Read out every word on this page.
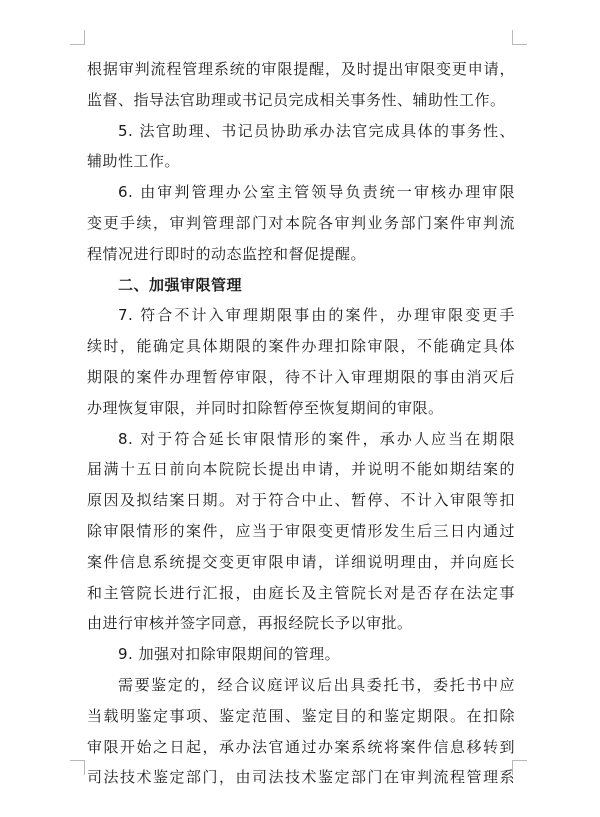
根据审判流程管理系统的审限提醒，及时提出审限变更申请，
监督、指导法官助理或书记员完成相关事务性、辅助性工作。
5. 法官助理、书记员协助承办法官完成具体的事务性、
辅助性工作。
6. 由审判管理办公室主管领导负责统一审核办理审限
变更手续，审判管理部门对本院各审判业务部门案件审判流
程情况进行即时的动态监控和督促提醒。
二、加强审限管理
7. 符合不计入审理期限事由的案件，办理审限变更手
续时，能确定具体期限的案件办理扣除审限，不能确定具体
期限的案件办理暂停审限，待不计入审理期限的事由消灭后
办理恢复审限，并同时扣除暂停至恢复期间的审限。
8. 对于符合延长审限情形的案件，承办人应当在期限
届满十五日前向本院院长提出申请，并说明不能如期结案的
原因及拟结案日期。对于符合中止、暂停、不计入审限等扣
除审限情形的案件，应当于审限变更情形发生后三日内通过
案件信息系统提交变更审限申请，详细说明理由，并向庭长
和主管院长进行汇报，由庭长及主管院长对是否存在法定事
由进行审核并签字同意，再报经院长予以审批。
9. 加强对扣除审限期间的管理。
需要鉴定的，经合议庭评议后出具委托书，委托书中应
当载明鉴定事项、鉴定范围、鉴定目的和鉴定期限。在扣除
审限开始之日起，承办法官通过办案系统将案件信息移转到
司法技术鉴定部门，由司法技术鉴定部门在审判流程管理系
